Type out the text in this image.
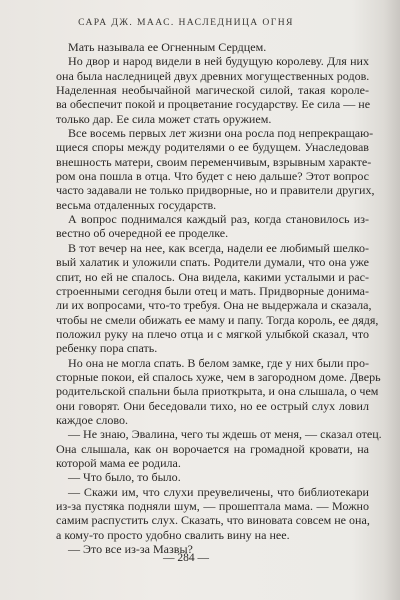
САРА ДЖ. МААС. НАСЛЕДНИЦА ОГНЯ
Мать называла ее Огненным Сердцем.
Но двор и народ видели в ней будущую королеву. Для них
она была наследницей двух древних могущественных родов.
Наделенная необычайной магической силой, такая короле-
ва обеспечит покой и процветание государству. Ее сила — не
только дар. Ее сила может стать оружием.
Все восемь первых лет жизни она росла под непрекращаю-
щиеся споры между родителями о ее будущем. Унаследовав
внешность матери, своим переменчивым, взрывным характе-
ром она пошла в отца. Что будет с нею дальше? Этот вопрос
часто задавали не только придворные, но и правители других,
весьма отдаленных государств.
А вопрос поднимался каждый раз, когда становилось из-
вестно об очередной ее проделке.
В тот вечер на нее, как всегда, надели ее любимый шелко-
вый халатик и уложили спать. Родители думали, что она уже
спит, но ей не спалось. Она видела, какими усталыми и рас-
строенными сегодня были отец и мать. Придворные донима-
ли их вопросами, что-то требуя. Она не выдержала и сказала,
чтобы не смели обижать ее маму и папу. Тогда король, ее дядя,
положил руку на плечо отца и с мягкой улыбкой сказал, что
ребенку пора спать.
Но она не могла спать. В белом замке, где у них были про-
сторные покои, ей спалось хуже, чем в загородном доме. Дверь
родительской спальни была приоткрыта, и она слышала, о чем
они говорят. Они беседовали тихо, но ее острый слух ловил
каждое слово.
— Не знаю, Эвалина, чего ты ждешь от меня, — сказал отец.
Она слышала, как он ворочается на громадной кровати, на
которой мама ее родила.
— Что было, то было.
— Скажи им, что слухи преувеличены, что библиотекари
из-за пустяка подняли шум, — прошептала мама. — Можно
самим распустить слух. Сказать, что виновата совсем не она,
а кому-то просто удобно свалить вину на нее.
— Это все из-за Мазвы?
— 284 —
